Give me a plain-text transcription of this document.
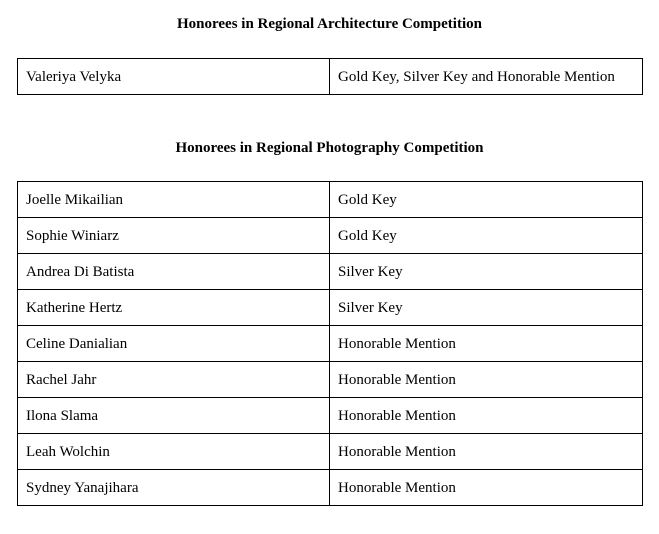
Honorees in Regional Architecture Competition
Valeriya Velyka	Gold Key, Silver Key and Honorable Mention
Honorees in Regional Photography Competition
Joelle Mikailian	Gold Key
Sophie Winiarz	Gold Key
Andrea Di Batista	Silver Key
Katherine Hertz	Silver Key
Celine Danialian	Honorable Mention
Rachel Jahr	Honorable Mention
Ilona Slama	Honorable Mention
Leah Wolchin	Honorable Mention
Sydney Yanajihara	Honorable Mention
